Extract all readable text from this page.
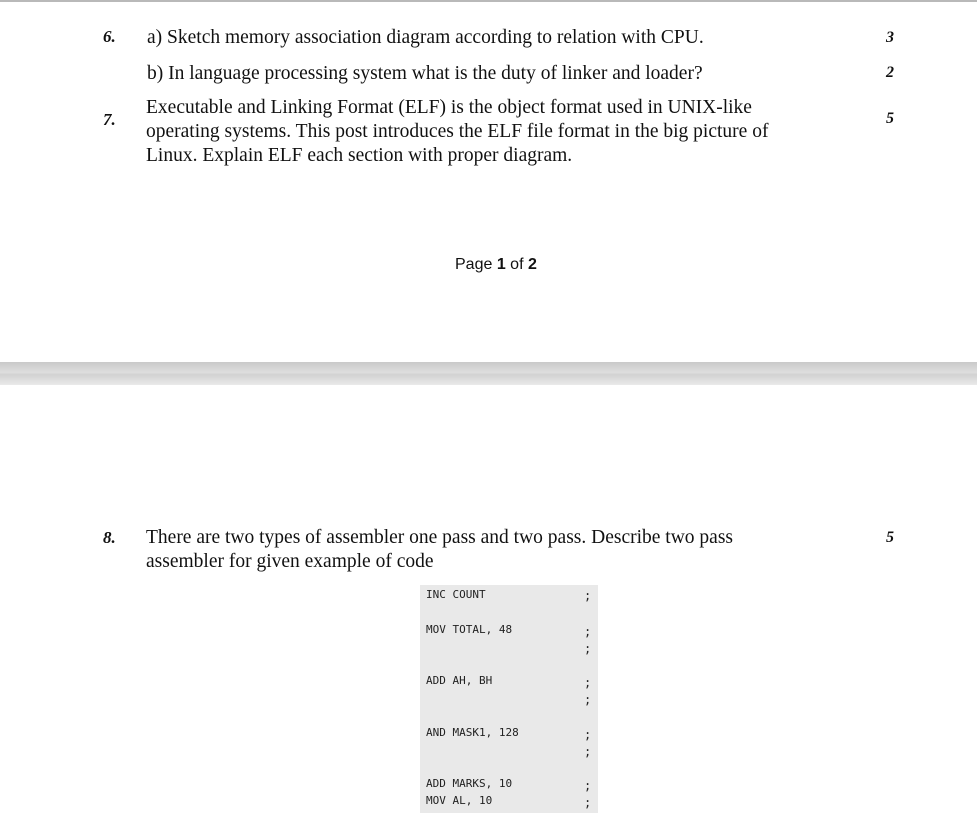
6. a) Sketch memory association diagram according to relation with CPU.	3
b) In language processing system what is the duty of linker and loader?	2
7.
Executable and Linking Format (ELF) is the object format used in UNIX-like
operating systems. This post introduces the ELF file format in the big picture of
Linux. Explain ELF each section with proper diagram.
5
Page 1 of 2
8. There are two types of assembler one pass and two pass. Describe two pass
assembler for given example of code
5
INC COUNT
MOV TOTAL, 48
ADD AH, BH
AND MASK1, 128
ADD MARKS, 10
MOV AL, 10
;
;
;
;
;
;
;
;
;
